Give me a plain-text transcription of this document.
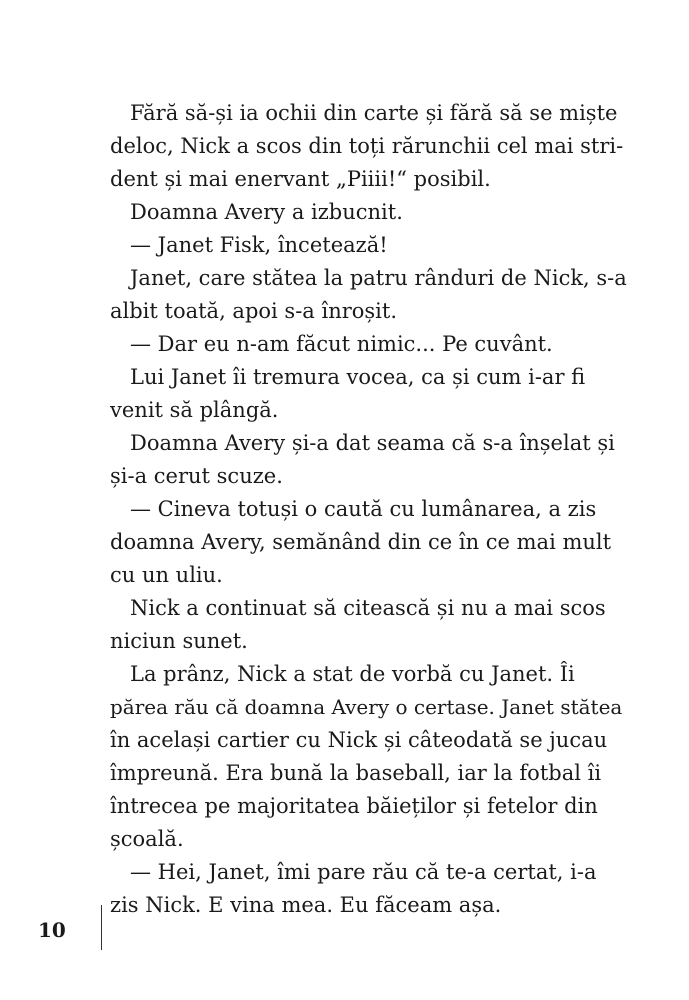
Fără să-și ia ochii din carte și fără să se miște
deloc, Nick a scos din toți rărunchii cel mai stri-
dent și mai enervant „Piiii!“ posibil.
Doamna Avery a izbucnit.
— Janet Fisk, încetează!
Janet, care stătea la patru rânduri de Nick, s-a
albit toată, apoi s-a înroșit.
— Dar eu n-am făcut nimic... Pe cuvânt.
Lui Janet îi tremura vocea, ca și cum i-ar fi
venit să plângă.
Doamna Avery și-a dat seama că s-a înșelat și
și-a cerut scuze.
— Cineva totuși o caută cu lumânarea, a zis
doamna Avery, semănând din ce în ce mai mult
cu un uliu.
Nick a continuat să citească și nu a mai scos
niciun sunet.
La prânz, Nick a stat de vorbă cu Janet. Îi
părea rău că doamna Avery o certase. Janet stătea
în același cartier cu Nick și câteodată se jucau
împreună. Era bună la baseball, iar la fotbal îi
întrecea pe majoritatea băieților și fetelor din
școală.
— Hei, Janet, îmi pare rău că te-a certat, i-a
zis Nick. E vina mea. Eu făceam așa.
10
